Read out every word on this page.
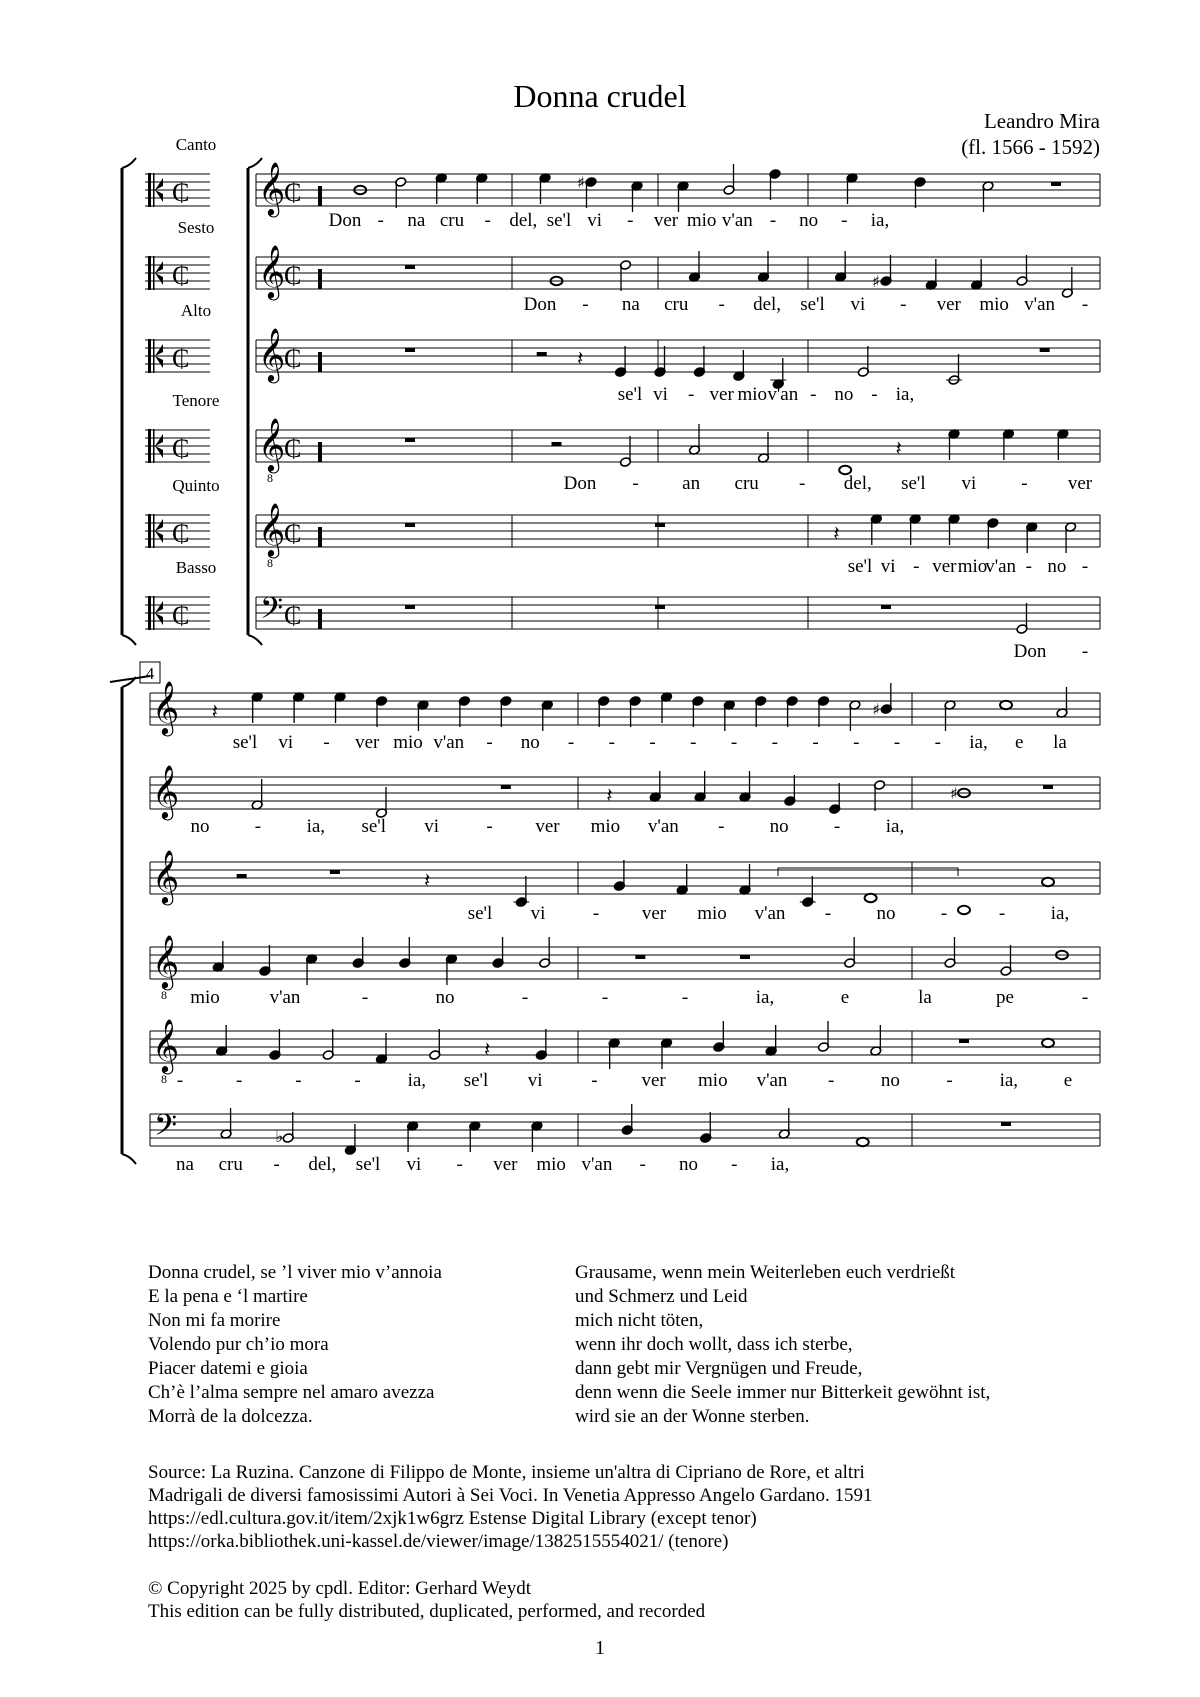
Donna crudel
Leandro Mira
(fl. 1566 - 1592)
Canto
₵ 𝄞
₵	♯
Sesto
₵ 𝄞
₵	♯
Alto
₵ 𝄞
₵	𝄽
Tenore
₵ 𝄞
8
₵	𝄽
Quinto
₵ 𝄞
8
₵	𝄽
Basso
₵ 𝄢 ₵
Don - na cru - del, se'l vi - ver mio v'an - no - ia,
Don - na cru - del, se'l vi - ver mio v'an -
se'l vi - ver mio v'an - no - ia,
Don - an cru - del, se'l vi - ver
se'l vi - ver mio
v'an - no -
Don -
4
𝄞 𝄽	♯
𝄞	𝄽	♯
𝄞	𝄽
𝄞
8
𝄞
8
𝄽
𝄢	♭
se'l vi - ver mio v'an - no - - - - - - - - - - ia, e la
no - ia, se'l vi - ver mio v'an - no - ia,
se'l vi - ver mio v'an - no -	- ia,
mio	v'an	-	no	-	-	-	ia,	e	la	pe	-
-	-	-	- ia, se'l vi	- ver mio v'an - no - ia, e
na cru - del, se'l vi - ver mio v'an - no - ia,
Donna crudel, se ’l viver mio v’annoia
E la pena e ‘l martire
Non mi fa morire
Volendo pur ch’io mora
Piacer datemi e gioia
Ch’è l’alma sempre nel amaro avezza
Morrà de la dolcezza.
Grausame, wenn mein Weiterleben euch verdrießt
und Schmerz und Leid
mich nicht töten,
wenn ihr doch wollt, dass ich sterbe,
dann gebt mir Vergnügen und Freude,
denn wenn die Seele immer nur Bitterkeit gewöhnt ist,
wird sie an der Wonne sterben.
Source: La Ruzina. Canzone di Filippo de Monte, insieme un'altra di Cipriano de Rore, et altri
Madrigali de diversi famosissimi Autori à Sei Voci. In Venetia Appresso Angelo Gardano. 1591
https://edl.cultura.gov.it/item/2xjk1w6grz Estense Digital Library (except tenor)
https://orka.bibliothek.uni-kassel.de/viewer/image/1382515554021/ (tenore)
© Copyright 2025 by cpdl. Editor: Gerhard Weydt
This edition can be fully distributed, duplicated, performed, and recorded
1
